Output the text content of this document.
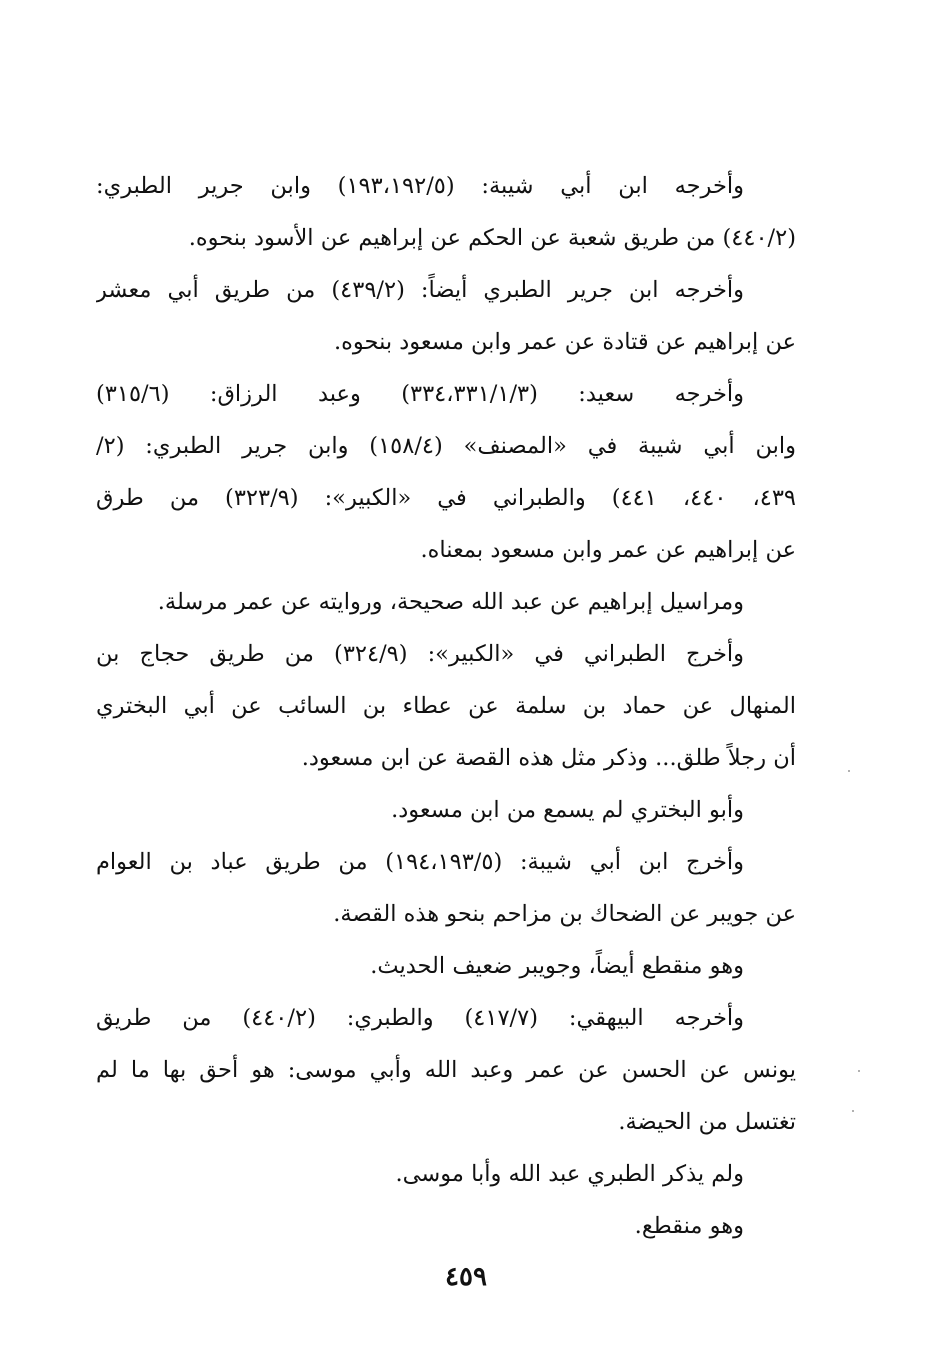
وأخرجه ابن أبي شيبة: (١٩٣،١٩٢/٥) وابن جرير الطبري:
(٤٤٠/٢) من طريق شعبة عن الحكم عن إبراهيم عن الأسود بنحوه.

وأخرجه ابن جرير الطبري أيضاً: (٤٣٩/٢) من طريق أبي معشر
عن إبراهيم عن قتادة عن عمر وابن مسعود بنحوه.

وأخرجه سعيد: (٣٣٤،٣٣١/١/٣) وعبد الرزاق: (٣١٥/٦)
وابن أبي شيبة في «المصنف» (١٥٨/٤) وابن جرير الطبري: (٢/
٤٣٩، ٤٤٠، ٤٤١) والطبراني في «الكبير»: (٣٢٣/٩) من طرق
عن إبراهيم عن عمر وابن مسعود بمعناه.

ومراسيل إبراهيم عن عبد الله صحيحة، وروايته عن عمر مرسلة.

وأخرج الطبراني في «الكبير»: (٣٢٤/٩) من طريق حجاج بن
المنهال عن حماد بن سلمة عن عطاء بن السائب عن أبي البختري
أن رجلاً طلق... وذكر مثل هذه القصة عن ابن مسعود.

وأبو البختري لم يسمع من ابن مسعود.

وأخرج ابن أبي شيبة: (١٩٤،١٩٣/٥) من طريق عباد بن العوام
عن جويبر عن الضحاك بن مزاحم بنحو هذه القصة.

وهو منقطع أيضاً، وجويبر ضعيف الحديث.

وأخرجه البيهقي: (٤١٧/٧) والطبري: (٤٤٠/٢) من طريق
يونس عن الحسن عن عمر وعبد الله وأبي موسى: هو أحق بها ما لم
تغتسل من الحيضة.

ولم يذكر الطبري عبد الله وأبا موسى.

وهو منقطع.

٤٥٩
